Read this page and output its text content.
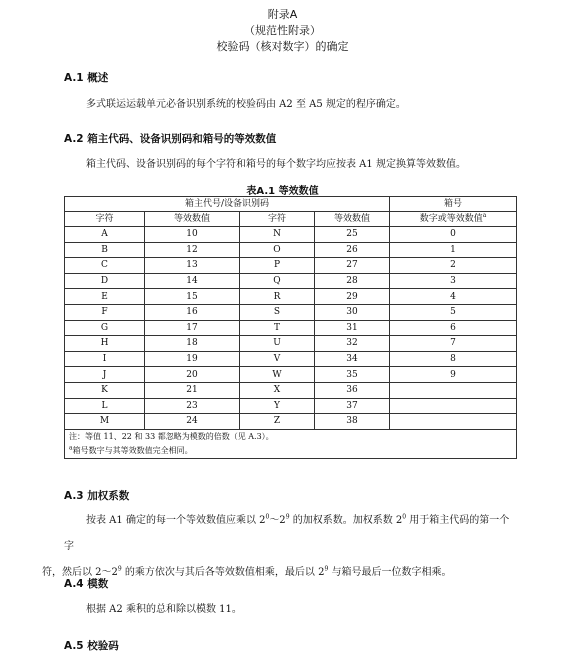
附录A
（规范性附录）
校验码（核对数字）的确定
A.1 概述
多式联运运载单元必备识别系统的校验码由 A2 至 A5 规定的程序确定。
A.2 箱主代码、设备识别码和箱号的等效数值
箱主代码、设备识别码的每个字符和箱号的每个数字均应按表 A1 规定换算等效数值。
表A.1 等效数值
箱主代号/设备识别码				箱号
字符	等效数值	字符	等效数值	数字或等效数值$^a$
A	10	N	25	0
B	12	O	26	1
C	13	P	27	2
D	14	Q	28	3
E	15	R	29	4
F	16	S	30	5
G	17	T	31	6
H	18	U	32	7
I	19	V	34	8
J	20	W	35	9
K	21	X	36	
L	23	Y	37	
M	24	Z	38	

注：等值 11、22 和 33 都忽略为模数的倍数（见 A.3）。
$^a$箱号数字与其等效数值完全相同。				
A.3 加权系数
按表 A1 确定的每一个等效数值应乘以 $2^0\sim 2^9$ 的加权系数。加权系数 $2^0$ 用于箱主代码的第一个字
符，然后以 $2\sim 2^9$ 的乘方依次与其后各等效数值相乘，最后以 $2^9$ 与箱号最后一位数字相乘。
A.4 模数
根据 A2 乘积的总和除以模数 11。
A.5 校验码
